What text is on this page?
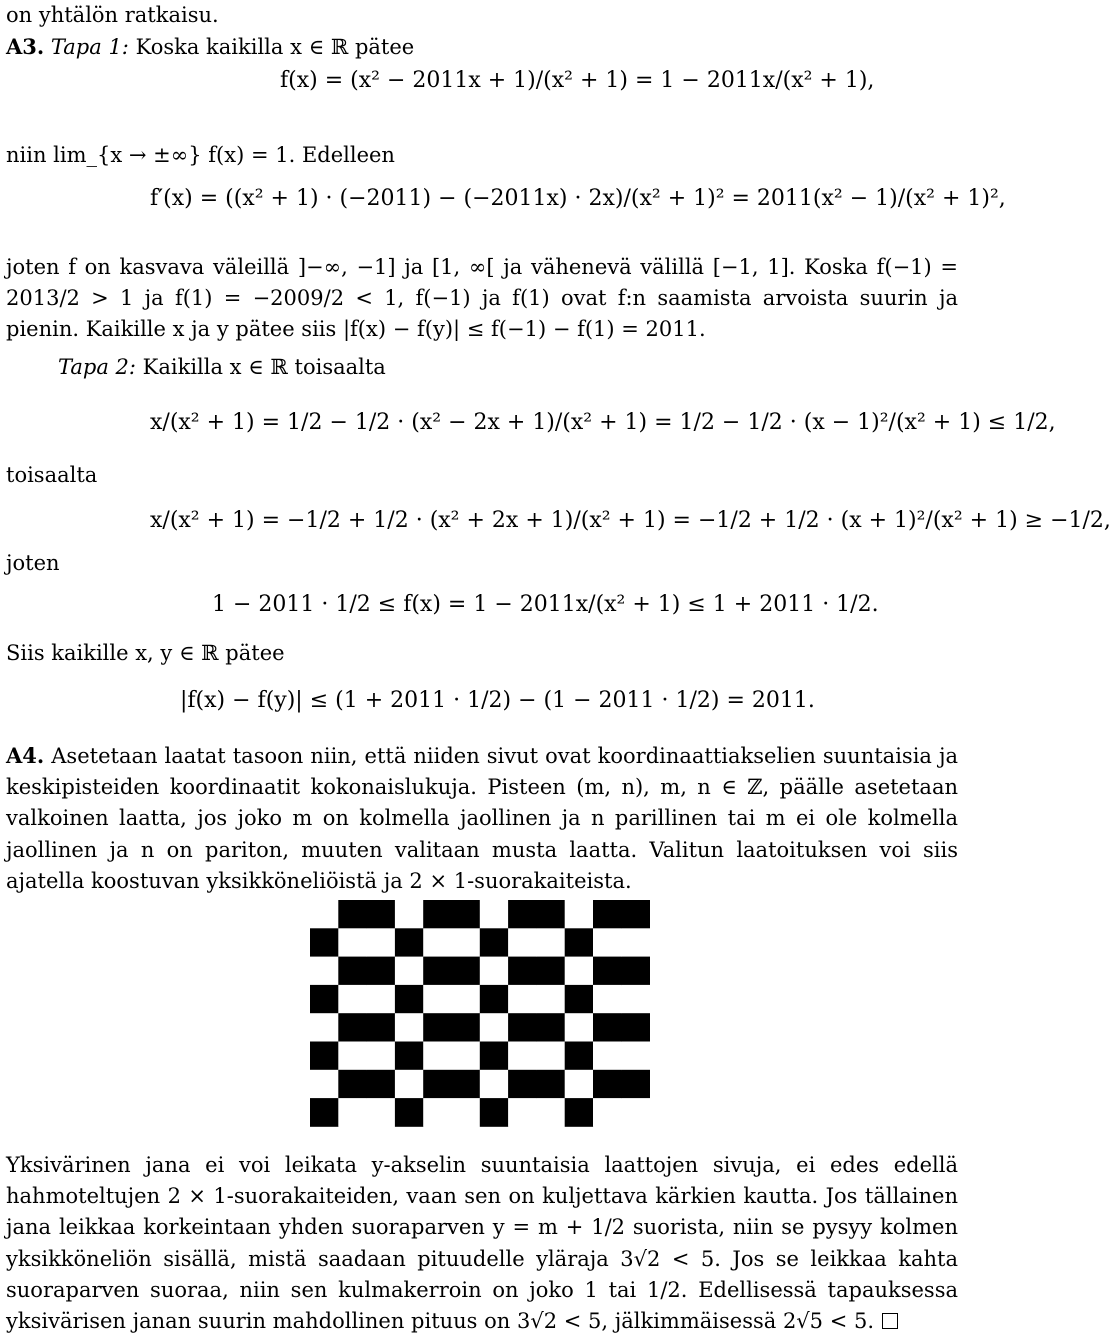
on yhtälön ratkaisu.
A3. Tapa 1: Koska kaikilla x ∈ ℝ pätee
f(x) = (x² − 2011x + 1)/(x² + 1) = 1 − 2011x/(x² + 1),
niin lim_{x → ±∞} f(x) = 1. Edelleen
f′(x) = ((x² + 1) · (−2011) − (−2011x) · 2x)/(x² + 1)² = 2011(x² − 1)/(x² + 1)²,
joten f on kasvava väleillä ]−∞, −1] ja [1, ∞[ ja vähenevä välillä [−1, 1]. Koska f(−1) = 2013/2 > 1 ja f(1) = −2009/2 < 1, f(−1) ja f(1) ovat f:n saamista arvoista suurin ja pienin. Kaikille x ja y pätee siis |f(x) − f(y)| ≤ f(−1) − f(1) = 2011.
Tapa 2: Kaikilla x ∈ ℝ toisaalta
x/(x² + 1) = 1/2 − 1/2 · (x² − 2x + 1)/(x² + 1) = 1/2 − 1/2 · (x − 1)²/(x² + 1) ≤ 1/2,
toisaalta
x/(x² + 1) = −1/2 + 1/2 · (x² + 2x + 1)/(x² + 1) = −1/2 + 1/2 · (x + 1)²/(x² + 1) ≥ −1/2,
joten
1 − 2011 · 1/2 ≤ f(x) = 1 − 2011x/(x² + 1) ≤ 1 + 2011 · 1/2.
Siis kaikille x, y ∈ ℝ pätee
|f(x) − f(y)| ≤ (1 + 2011 · 1/2) − (1 − 2011 · 1/2) = 2011.
A4. Asetetaan laatat tasoon niin, että niiden sivut ovat koordinaattiakselien suuntaisia ja keskipisteiden koordinaatit kokonaislukuja. Pisteen (m, n), m, n ∈ ℤ, päälle asetetaan valkoinen laatta, jos joko m on kolmella jaollinen ja n parillinen tai m ei ole kolmella jaollinen ja n on pariton, muuten valitaan musta laatta. Valitun laatoituksen voi siis ajatella koostuvan yksikköneliöistä ja 2 × 1-suorakaiteista.
Yksivärinen jana ei voi leikata y-akselin suuntaisia laattojen sivuja, ei edes edellä hahmoteltujen 2 × 1-suorakaiteiden, vaan sen on kuljettava kärkien kautta. Jos tällainen jana leikkaa korkeintaan yhden suoraparven y = m + 1/2 suorista, niin se pysyy kolmen yksikköneliön sisällä, mistä saadaan pituudelle yläraja 3√2 < 5. Jos se leikkaa kahta suoraparven suoraa, niin sen kulmakerroin on joko 1 tai 1/2. Edellisessä tapauksessa yksivärisen janan suurin mahdollinen pituus on 3√2 < 5, jälkimmäisessä 2√5 < 5.
